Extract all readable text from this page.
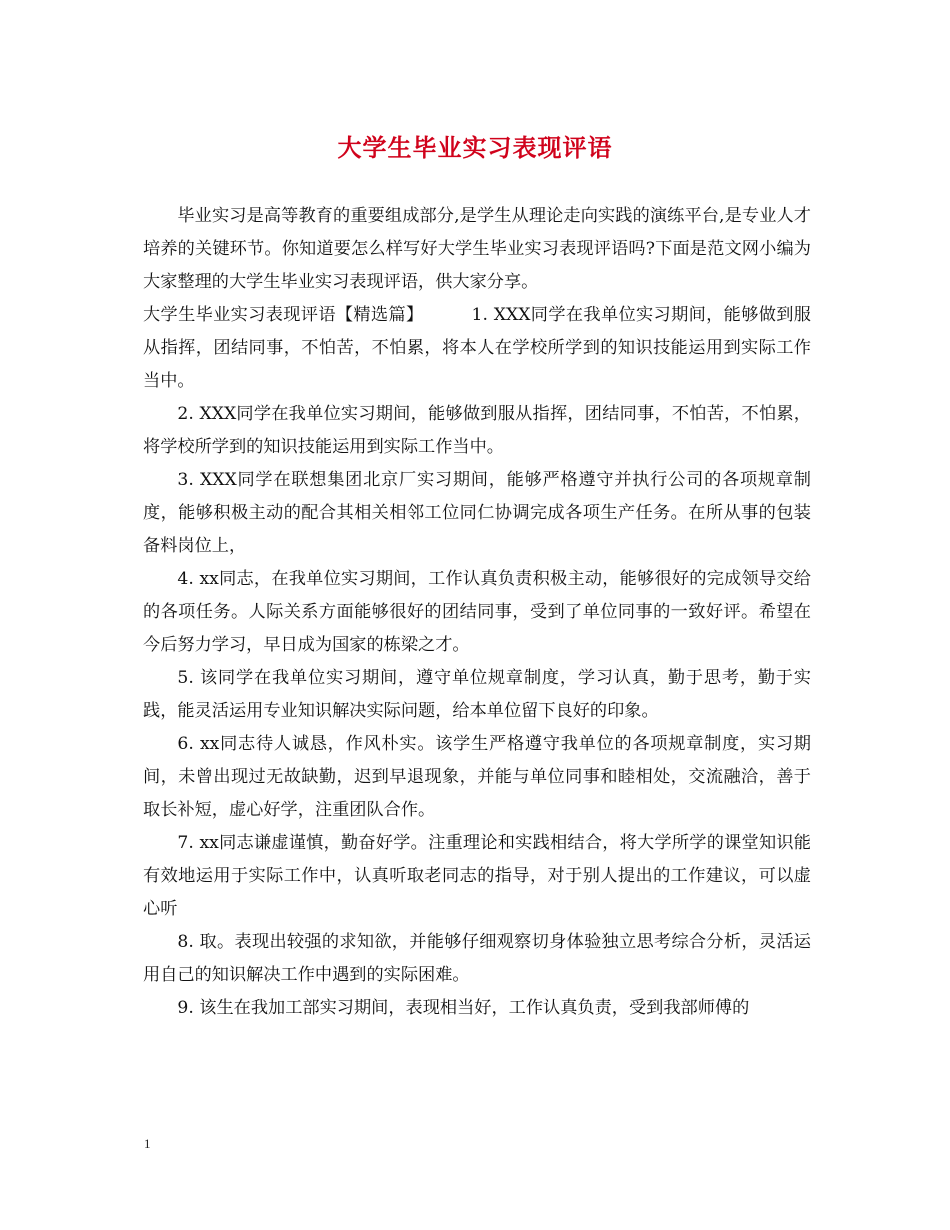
大学生毕业实习表现评语

毕业实习是高等教育的重要组成部分,是学生从理论走向实践的演练平台,是专业人才培养的关键环节。你知道要怎么样写好大学生毕业实习表现评语吗?下面是范文网小编为大家整理的大学生毕业实习表现评语，供大家分享。

大学生毕业实习表现评语【精选篇】	1. XXX同学在我单位实习期间，能够做到服从指挥，团结同事，不怕苦，不怕累，将本人在学校所学到的知识技能运用到实际工作当中。

2. XXX同学在我单位实习期间，能够做到服从指挥，团结同事，不怕苦，不怕累，将学校所学到的知识技能运用到实际工作当中。

3. XXX同学在联想集团北京厂实习期间，能够严格遵守并执行公司的各项规章制度，能够积极主动的配合其相关相邻工位同仁协调完成各项生产任务。在所从事的包装备料岗位上，

4. xx同志，在我单位实习期间，工作认真负责积极主动，能够很好的完成领导交给的各项任务。人际关系方面能够很好的团结同事，受到了单位同事的一致好评。希望在今后努力学习，早日成为国家的栋梁之才。

5. 该同学在我单位实习期间，遵守单位规章制度，学习认真，勤于思考，勤于实践，能灵活运用专业知识解决实际问题，给本单位留下良好的印象。

6. xx同志待人诚恳，作风朴实。该学生严格遵守我单位的各项规章制度，实习期间，未曾出现过无故缺勤，迟到早退现象，并能与单位同事和睦相处，交流融洽，善于取长补短，虚心好学，注重团队合作。

7. xx同志谦虚谨慎，勤奋好学。注重理论和实践相结合，将大学所学的课堂知识能有效地运用于实际工作中，认真听取老同志的指导，对于别人提出的工作建议，可以虚心听

8. 取。表现出较强的求知欲，并能够仔细观察切身体验独立思考综合分析，灵活运用自己的知识解决工作中遇到的实际困难。

9. 该生在我加工部实习期间，表现相当好，工作认真负责，受到我部师傅的

1
